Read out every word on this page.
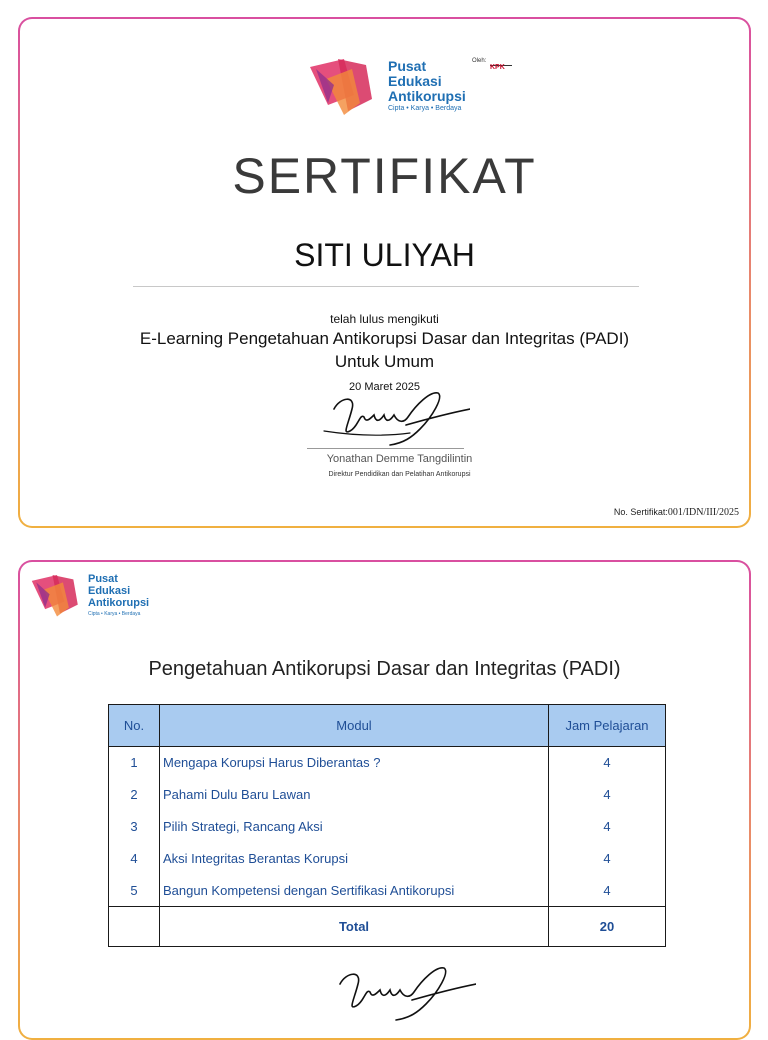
Pusat
Edukasi
Antikorupsi
Cipta • Karya • Berdaya
Oleh:
KPK
SERTIFIKAT
SITI ULIYAH
telah lulus mengikuti
E-Learning Pengetahuan Antikorupsi Dasar dan Integritas (PADI)
Untuk Umum
20 Maret 2025
Yonathan Demme Tangdilintin
Direktur Pendidikan dan Pelatihan Antikorupsi
No. Sertifikat:001/IDN/III/2025
Pusat
Edukasi
Antikorupsi
Cipta • Karya • Berdaya
Pengetahuan Antikorupsi Dasar dan Integritas (PADI)
No.	Modul	Jam Pelajaran
1	Mengapa Korupsi Harus Diberantas ?	4
2	Pahami Dulu Baru Lawan	4
3	Pilih Strategi, Rancang Aksi	4
4	Aksi Integritas Berantas Korupsi	4
5	Bangun Kompetensi dengan Sertifikasi Antikorupsi	4
	Total	20
